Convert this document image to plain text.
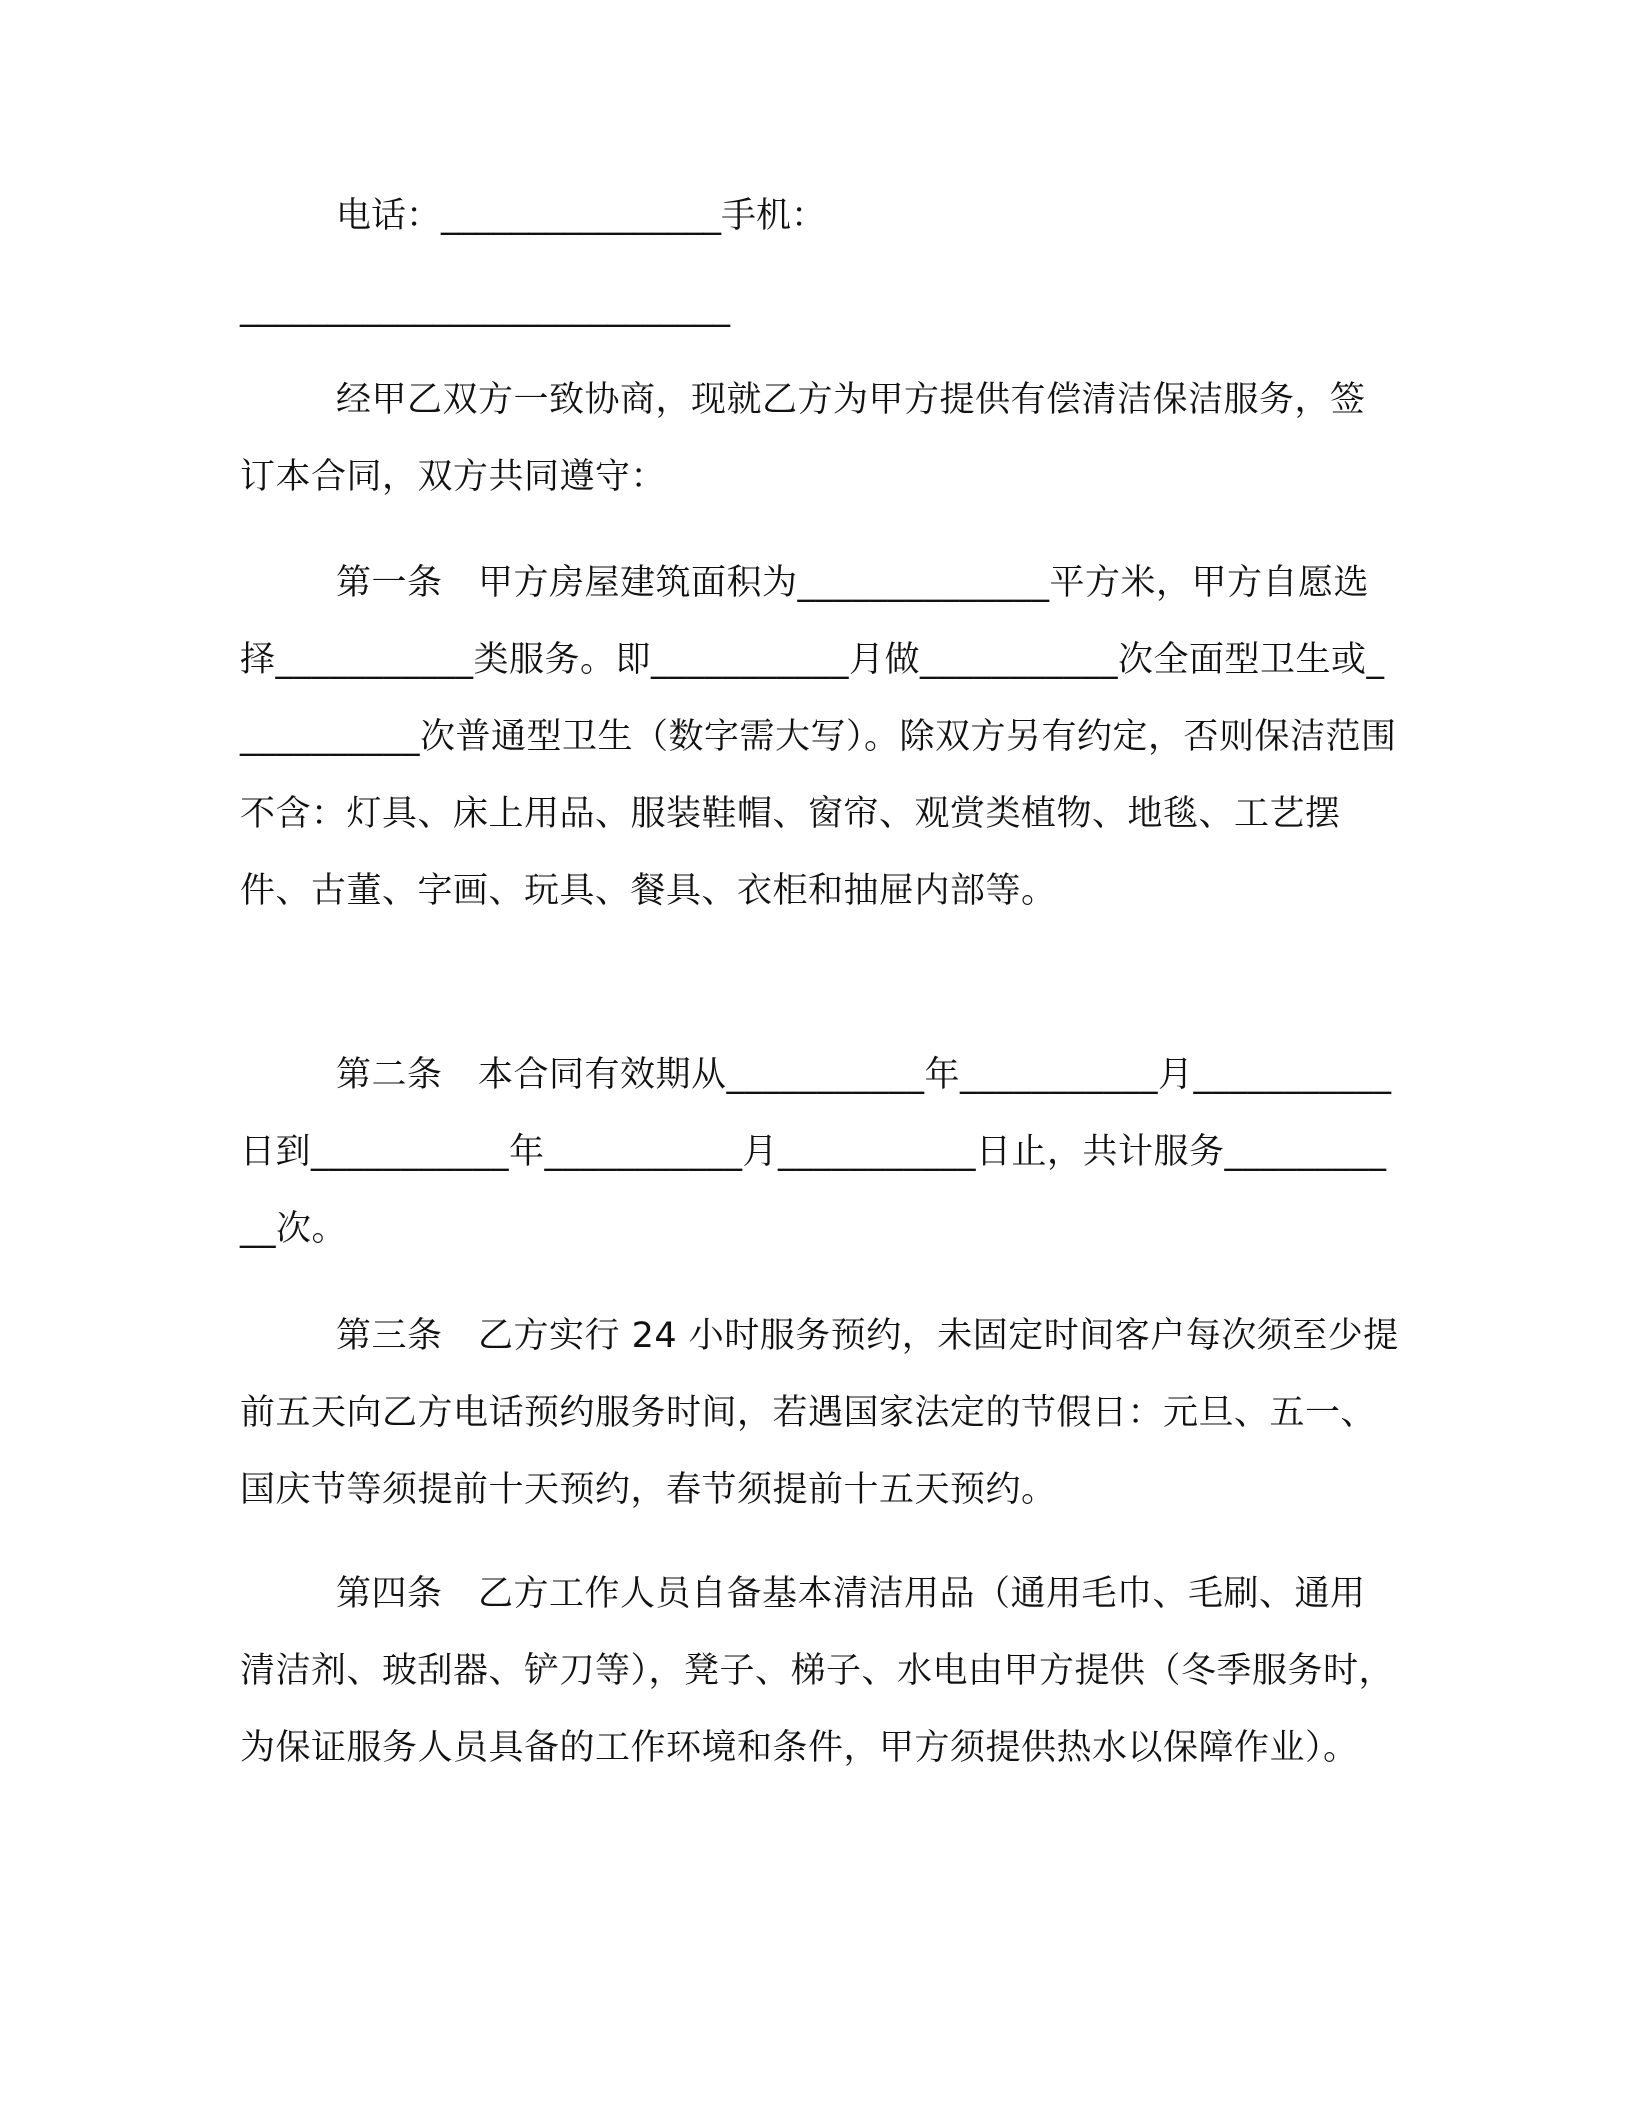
电话：________________手机：
____________________________
经甲乙双方一致协商，现就乙方为甲方提供有偿清洁保洁服务，签订本合同，双方共同遵守：
第一条　甲方房屋建筑面积为______________平方米，甲方自愿选择___________类服务。即___________月做___________次全面型卫生或___________次普通型卫生（数字需大写）。除双方另有约定，否则保洁范围不含：灯具、床上用品、服装鞋帽、窗帘、观赏类植物、地毯、工艺摆件、古董、字画、玩具、餐具、衣柜和抽屉内部等。
第二条　本合同有效期从___________年___________月___________日到___________年___________月___________日止，共计服务___________次。
第三条　乙方实行 24 小时服务预约，未固定时间客户每次须至少提前五天向乙方电话预约服务时间，若遇国家法定的节假日：元旦、五一、国庆节等须提前十天预约，春节须提前十五天预约。
第四条　乙方工作人员自备基本清洁用品（通用毛巾、毛刷、通用清洁剂、玻刮器、铲刀等），凳子、梯子、水电由甲方提供（冬季服务时，为保证服务人员具备的工作环境和条件，甲方须提供热水以保障作业）。
